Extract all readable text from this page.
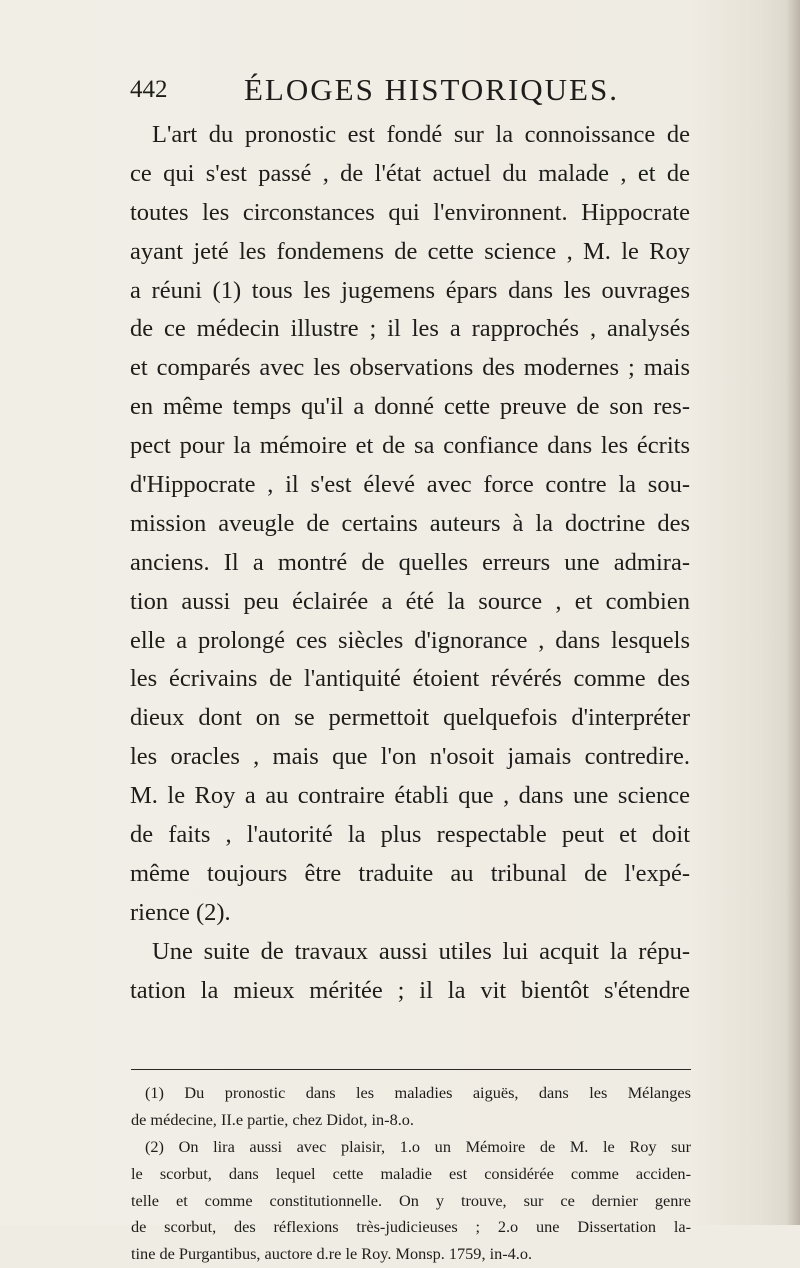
442 ÉLOGES HISTORIQUES.
L'art du pronostic est fondé sur la connoissance de
ce qui s'est passé , de l'état actuel du malade , et de
toutes les circonstances qui l'environnent. Hippocrate
ayant jeté les fondemens de cette science , M. le Roy
a réuni (1) tous les jugemens épars dans les ouvrages
de ce médecin illustre ; il les a rapprochés , analysés
et comparés avec les observations des modernes ; mais
en même temps qu'il a donné cette preuve de son res-
pect pour la mémoire et de sa confiance dans les écrits
d'Hippocrate , il s'est élevé avec force contre la sou-
mission aveugle de certains auteurs à la doctrine des
anciens. Il a montré de quelles erreurs une admira-
tion aussi peu éclairée a été la source , et combien
elle a prolongé ces siècles d'ignorance , dans lesquels
les écrivains de l'antiquité étoient révérés comme des
dieux dont on se permettoit quelquefois d'interpréter
les oracles , mais que l'on n'osoit jamais contredire.
M. le Roy a au contraire établi que , dans une science
de faits , l'autorité la plus respectable peut et doit
même toujours être traduite au tribunal de l'expé-
rience (2).
Une suite de travaux aussi utiles lui acquit la répu-
tation la mieux méritée ; il la vit bientôt s'étendre
(1) Du pronostic dans les maladies aiguës, dans les Mélanges
de médecine, II.e partie, chez Didot, in-8.o.
(2) On lira aussi avec plaisir, 1.o un Mémoire de M. le Roy sur
le scorbut, dans lequel cette maladie est considérée comme acciden-
telle et comme constitutionnelle. On y trouve, sur ce dernier genre
de scorbut, des réflexions très-judicieuses ; 2.o une Dissertation la-
tine de Purgantibus, auctore d.re le Roy. Monsp. 1759, in-4.o.
